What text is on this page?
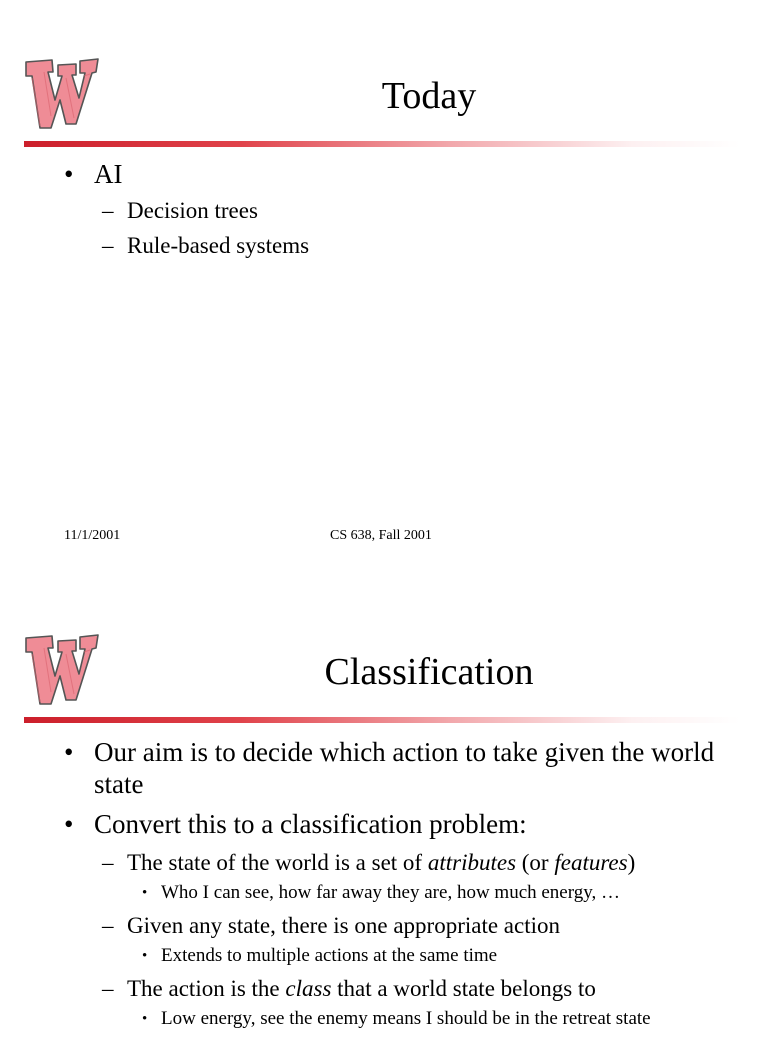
Today
• AI
– Decision trees
– Rule-based systems
11/1/2001	CS 638, Fall 2001
Classification
• Our aim is to decide which action to take given the world state
• Convert this to a classification problem:
– The state of the world is a set of attributes (or features)
• Who I can see, how far away they are, how much energy, …
– Given any state, there is one appropriate action
• Extends to multiple actions at the same time
– The action is the class that a world state belongs to
• Low energy, see the enemy means I should be in the retreat state
